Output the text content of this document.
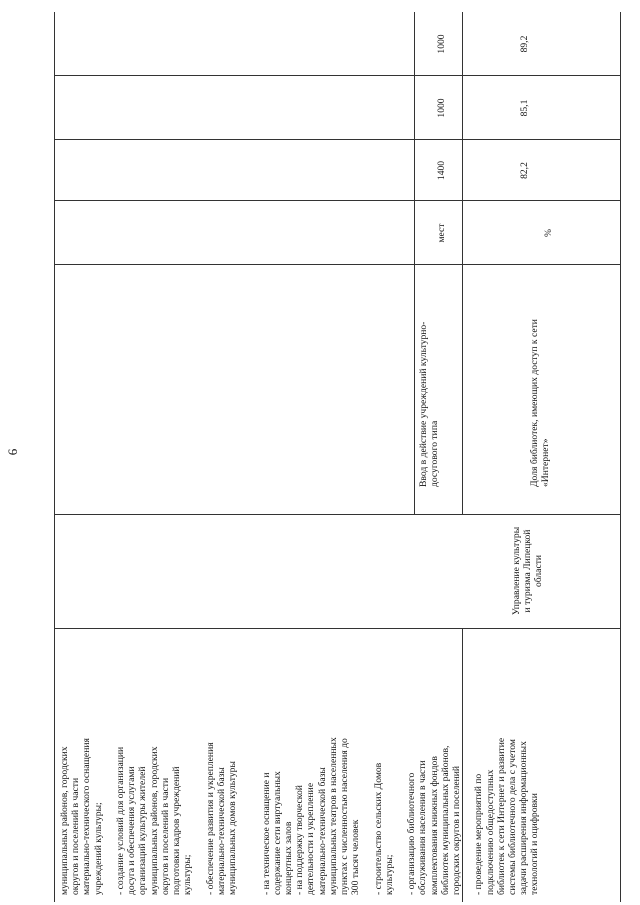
6
муниципальных районов, городских округов и поселений в части материально-технического оснащения учреждений культуры; - создание условий для организации досуга и обеспечения услугами организаций культуры жителей муниципальных районов, городских округов и поселений в части подготовки кадров учреждений культуры; - обеспечение развития и укрепления материально-технической базы муниципальных домов культуры - на техническое оснащение и содержание сети виртуальных концертных залов - на поддержку творческой деятельности и укрепление материально-технической базы муниципальных театров в населенных пунктах с численностью населения до 300 тысяч человек - строительство сельских Домов культуры; - организацию библиотечного обслуживания населения в части комплектования книжных фондов библиотек муниципальных районов, городских округов и поселений - проведение мероприятий по подключению общедоступных библиотек к сети Интернет и развитие системы библиотечного дела с учетом задачи расширения информационных технологий и оцифровки
Управление культуры и туризма Липецкой области
Ввод в действие учреждений культурно- досугового типа
мест
1400
1000
1000
Доля библиотек, имеющих доступ к сети «Интернет»
%
82,2
85,1
89,2
